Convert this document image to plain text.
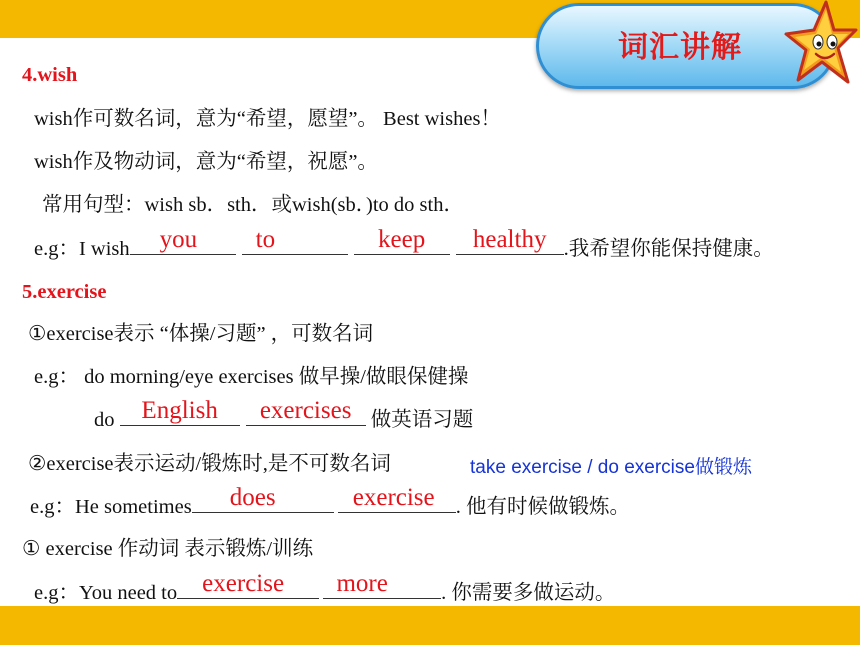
词汇讲解
4.wish
wish作可数名词，意为“希望，愿望”。 Best wishes！
wish作及物动词，意为“希望，祝愿”。
常用句型：wish sb．sth．或wish(sb．)to do sth．
e.g：I wish you to	keep	healthy .我希望你能保持健康。
5.exercise
①exercise表示 “体操/习题” ，可数名词
e.g： do morning/eye exercises 做早操/做眼保健操
do English	exercises 做英语习题
②exercise表示运动/锻炼时,是不可数名词	take exercise / do exercise做锻炼
e.g：He sometimes	does	exercise	. 他有时候做锻炼。
① exercise 作动词 表示锻炼/训练
e.g：You need to	exercise	more	. 你需要多做运动。
